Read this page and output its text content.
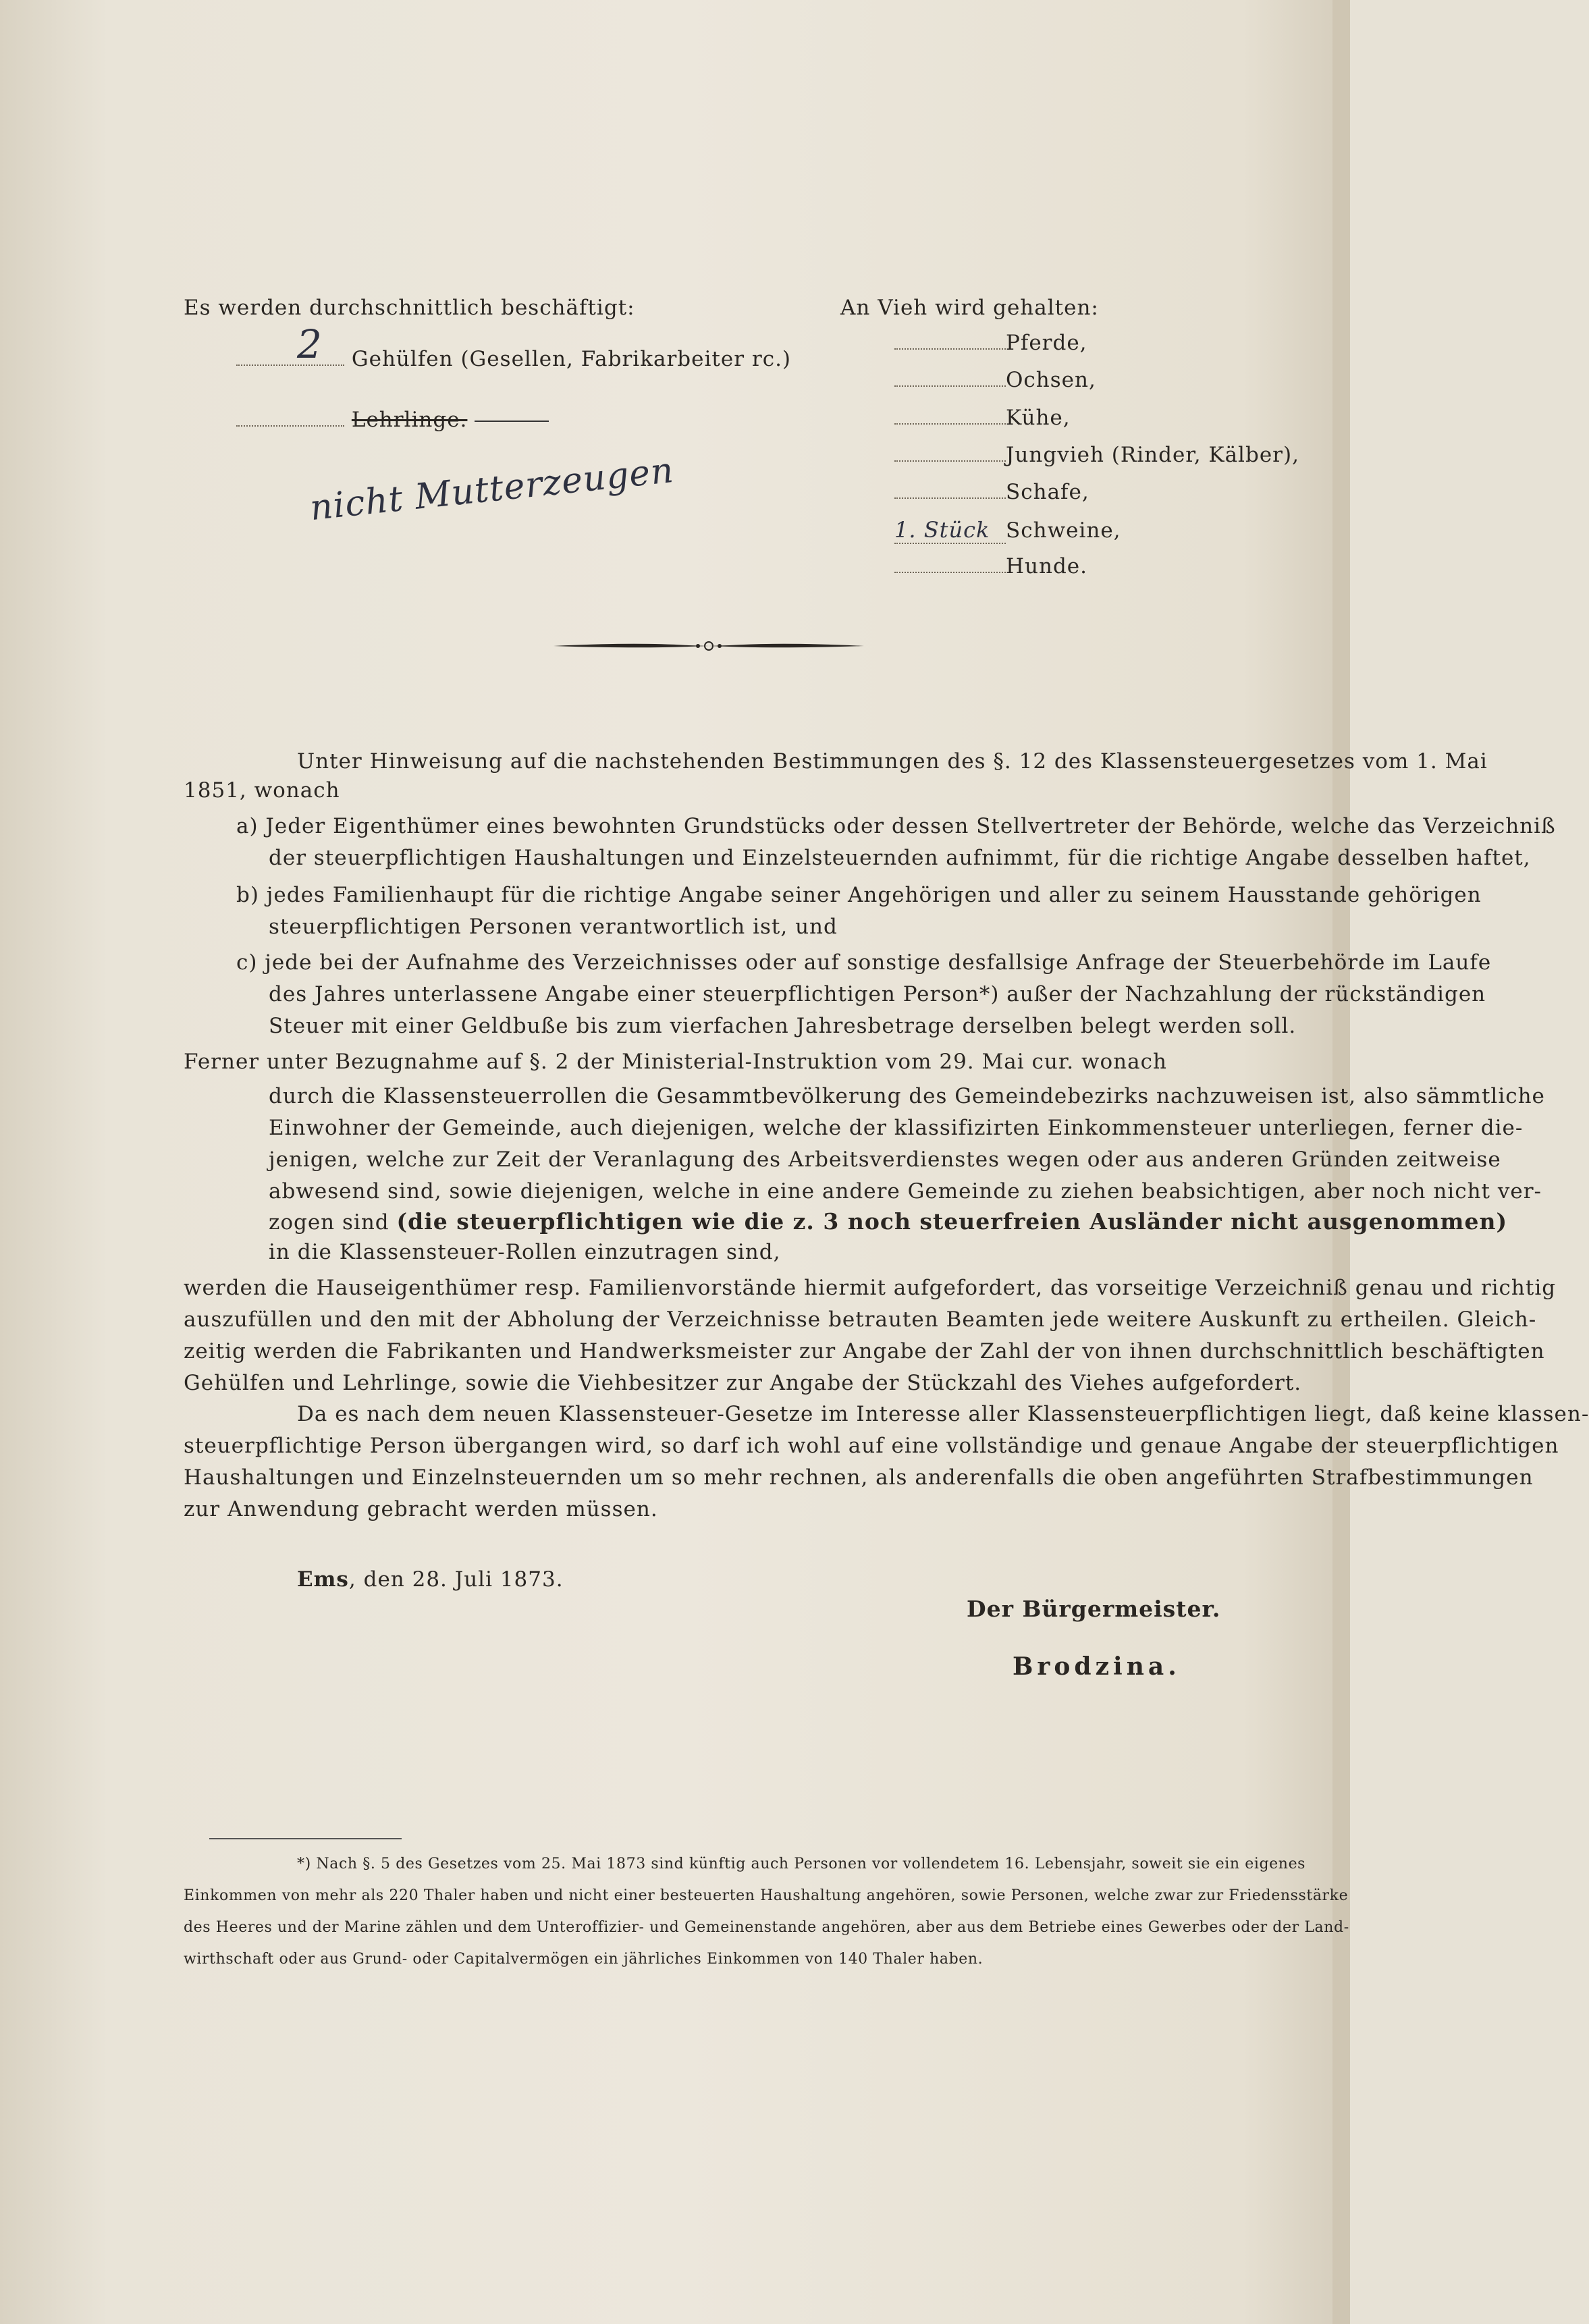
Es werden durchschnittlich beschäftigt:

2 Gehülfen (Gesellen, Fabrikarbeiter rc.)
Lehrlinge.
nicht Mutterzeugen
An Vieh wird gehalten:
Pferde,
Ochsen,
Kühe,
Jungvieh (Rinder, Kälber),
Schafe,
1. Stück Schweine,
Hunde.
Unter Hinweisung auf die nachstehenden Bestimmungen des §. 12 des Klassensteuergesetzes vom 1. Mai
1851, wonach
a) Jeder Eigenthümer eines bewohnten Grundstücks oder dessen Stellvertreter der Behörde, welche das Verzeichniß
der steuerpflichtigen Haushaltungen und Einzelsteuernden aufnimmt, für die richtige Angabe desselben haftet,
b) jedes Familienhaupt für die richtige Angabe seiner Angehörigen und aller zu seinem Hausstande gehörigen
steuerpflichtigen Personen verantwortlich ist, und
c) jede bei der Aufnahme des Verzeichnisses oder auf sonstige desfallsige Anfrage der Steuerbehörde im Laufe
des Jahres unterlassene Angabe einer steuerpflichtigen Person*) außer der Nachzahlung der rückständigen
Steuer mit einer Geldbuße bis zum vierfachen Jahresbetrage derselben belegt werden soll.
Ferner unter Bezugnahme auf §. 2 der Ministerial-Instruktion vom 29. Mai cur. wonach
durch die Klassensteuerrollen die Gesammtbevölkerung des Gemeindebezirks nachzuweisen ist, also sämmtliche
Einwohner der Gemeinde, auch diejenigen, welche der klassifizirten Einkommensteuer unterliegen, ferner die-
jenigen, welche zur Zeit der Veranlagung des Arbeitsverdienstes wegen oder aus anderen Gründen zeitweise
abwesend sind, sowie diejenigen, welche in eine andere Gemeinde zu ziehen beabsichtigen, aber noch nicht ver-
zogen sind (die steuerpflichtigen wie die z. 3 noch steuerfreien Ausländer nicht ausgenommen)
in die Klassensteuer-Rollen einzutragen sind,
werden die Hauseigenthümer resp. Familienvorstände hiermit aufgefordert, das vorseitige Verzeichniß genau und richtig
auszufüllen und den mit der Abholung der Verzeichnisse betrauten Beamten jede weitere Auskunft zu ertheilen. Gleich-
zeitig werden die Fabrikanten und Handwerksmeister zur Angabe der Zahl der von ihnen durchschnittlich beschäftigten
Gehülfen und Lehrlinge, sowie die Viehbesitzer zur Angabe der Stückzahl des Viehes aufgefordert.
Da es nach dem neuen Klassensteuer-Gesetze im Interesse aller Klassensteuerpflichtigen liegt, daß keine klassen-
steuerpflichtige Person übergangen wird, so darf ich wohl auf eine vollständige und genaue Angabe der steuerpflichtigen
Haushaltungen und Einzelnsteuernden um so mehr rechnen, als anderenfalls die oben angeführten Strafbestimmungen
zur Anwendung gebracht werden müssen.
Ems, den 28. Juli 1873.
Der Bürgermeister.
Brodzina.
*) Nach §. 5 des Gesetzes vom 25. Mai 1873 sind künftig auch Personen vor vollendetem 16. Lebensjahr, soweit sie ein eigenes
Einkommen von mehr als 220 Thaler haben und nicht einer besteuerten Haushaltung angehören, sowie Personen, welche zwar zur Friedensstärke
des Heeres und der Marine zählen und dem Unteroffizier- und Gemeinenstande angehören, aber aus dem Betriebe eines Gewerbes oder der Land-
wirthschaft oder aus Grund- oder Capitalvermögen ein jährliches Einkommen von 140 Thaler haben.
